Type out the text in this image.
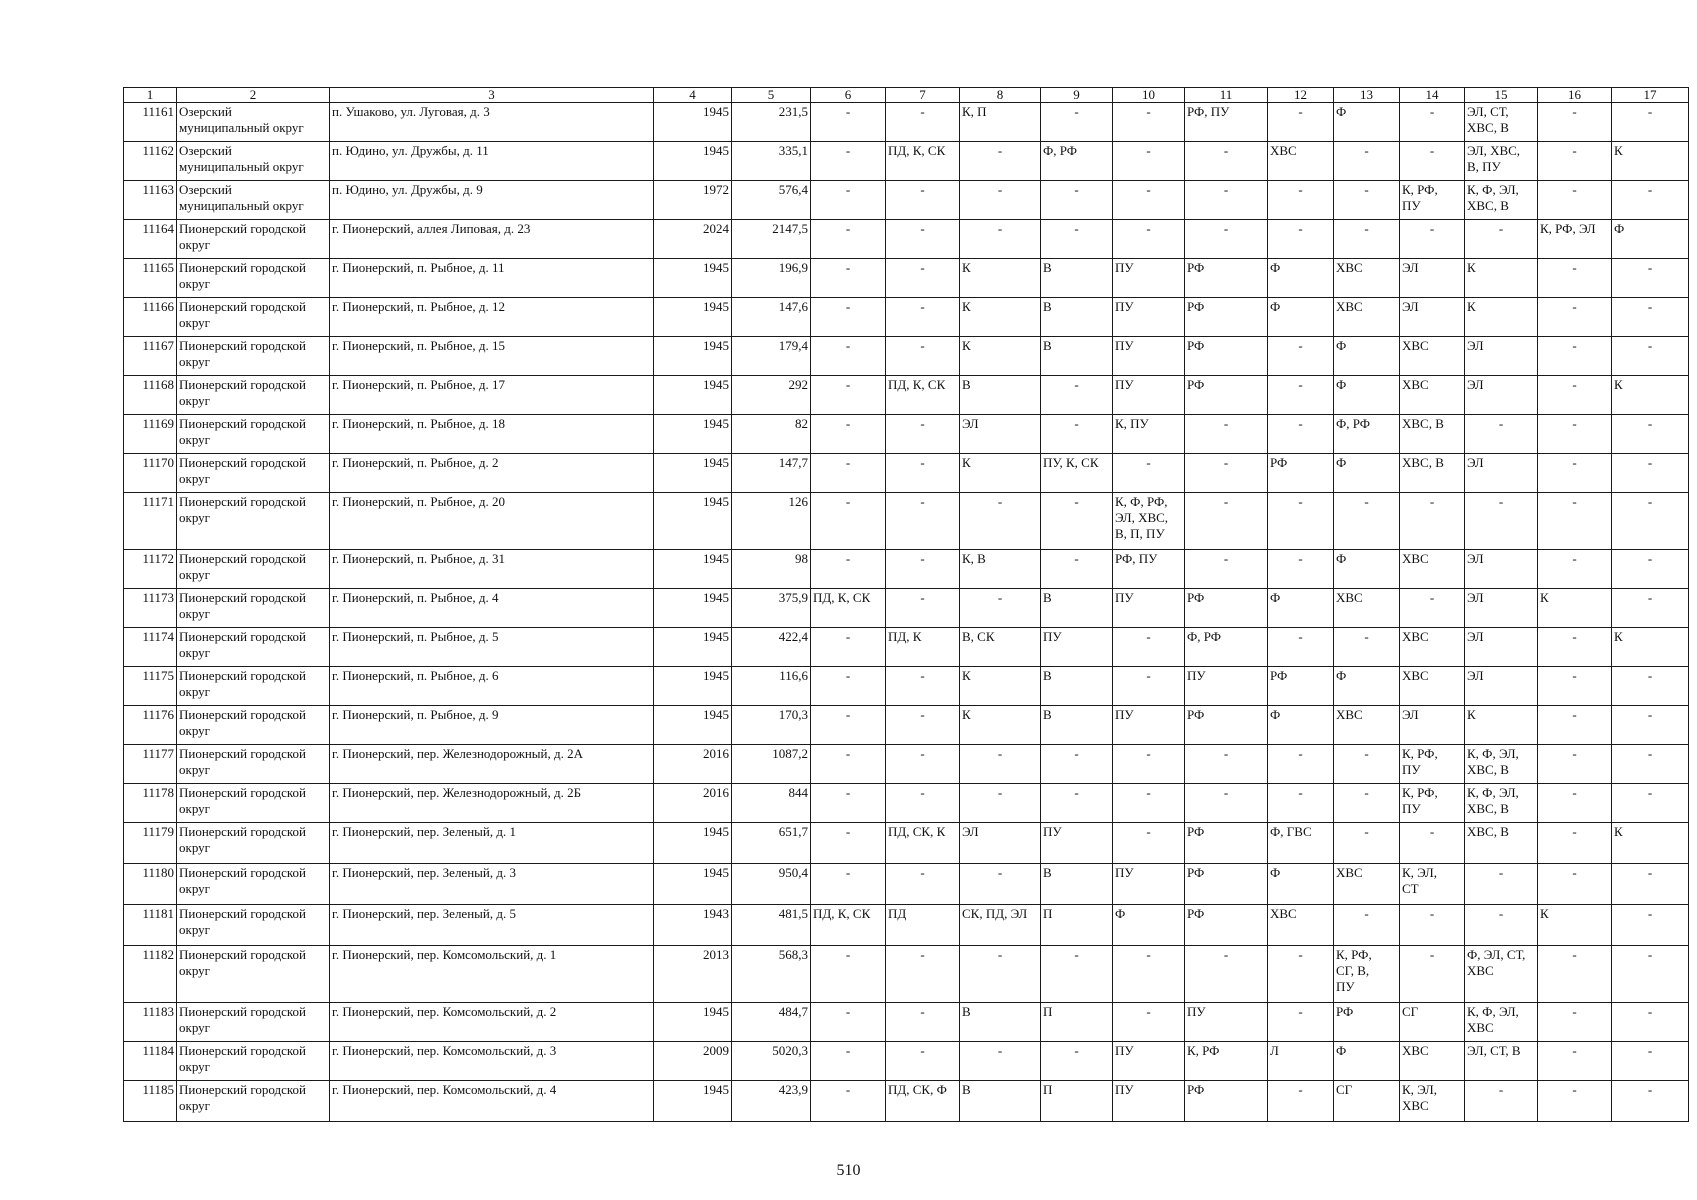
1	2	3	4	5	6	7	8	9	10	11	12	13	14	15	16	17
11161	Озерский
муниципальный округ	п. Ушаково, ул. Луговая, д. 3	1945	231,5	-	-	К, П	-	-	РФ, ПУ	-	Ф	-	ЭЛ, СТ,
ХВС, В	-	-
11162	Озерский
муниципальный округ	п. Юдино, ул. Дружбы, д. 11	1945	335,1	-	ПД, К, СК	-	Ф, РФ	-	-	ХВС	-	-	ЭЛ, ХВС,
В, ПУ	-	К
11163	Озерский
муниципальный округ	п. Юдино, ул. Дружбы, д. 9	1972	576,4	-	-	-	-	-	-	-	-	К, РФ,
ПУ	К, Ф, ЭЛ,
ХВС, В	-	-
11164	Пионерский городской
округ	г. Пионерский, аллея Липовая, д. 23	2024	2147,5	-	-	-	-	-	-	-	-	-	-	К, РФ, ЭЛ	Ф
11165	Пионерский городской
округ	г. Пионерский, п. Рыбное, д. 11	1945	196,9	-	-	К	В	ПУ	РФ	Ф	ХВС	ЭЛ	К	-	-
11166	Пионерский городской
округ	г. Пионерский, п. Рыбное, д. 12	1945	147,6	-	-	К	В	ПУ	РФ	Ф	ХВС	ЭЛ	К	-	-
11167	Пионерский городской
округ	г. Пионерский, п. Рыбное, д. 15	1945	179,4	-	-	К	В	ПУ	РФ	-	Ф	ХВС	ЭЛ	-	-
11168	Пионерский городской
округ	г. Пионерский, п. Рыбное, д. 17	1945	292	-	ПД, К, СК	В	-	ПУ	РФ	-	Ф	ХВС	ЭЛ	-	К
11169	Пионерский городской
округ	г. Пионерский, п. Рыбное, д. 18	1945	82	-	-	ЭЛ	-	К, ПУ	-	-	Ф, РФ	ХВС, В	-	-	-
11170	Пионерский городской
округ	г. Пионерский, п. Рыбное, д. 2	1945	147,7	-	-	К	ПУ, К, СК	-	-	РФ	Ф	ХВС, В	ЭЛ	-	-
11171	Пионерский городской
округ	г. Пионерский, п. Рыбное, д. 20	1945	126	-	-	-	-	К, Ф, РФ,
ЭЛ, ХВС,
В, П, ПУ	-	-	-	-	-	-	-
11172	Пионерский городской
округ	г. Пионерский, п. Рыбное, д. 31	1945	98	-	-	К, В	-	РФ, ПУ	-	-	Ф	ХВС	ЭЛ	-	-
11173	Пионерский городской
округ	г. Пионерский, п. Рыбное, д. 4	1945	375,9	ПД, К, СК	-	-	В	ПУ	РФ	Ф	ХВС	-	ЭЛ	К	-
11174	Пионерский городской
округ	г. Пионерский, п. Рыбное, д. 5	1945	422,4	-	ПД, К	В, СК	ПУ	-	Ф, РФ	-	-	ХВС	ЭЛ	-	К
11175	Пионерский городской
округ	г. Пионерский, п. Рыбное, д. 6	1945	116,6	-	-	К	В	-	ПУ	РФ	Ф	ХВС	ЭЛ	-	-
11176	Пионерский городской
округ	г. Пионерский, п. Рыбное, д. 9	1945	170,3	-	-	К	В	ПУ	РФ	Ф	ХВС	ЭЛ	К	-	-
11177	Пионерский городской
округ	г. Пионерский, пер. Железнодорожный, д. 2А	2016	1087,2	-	-	-	-	-	-	-	-	К, РФ,
ПУ	К, Ф, ЭЛ,
ХВС, В	-	-
11178	Пионерский городской
округ	г. Пионерский, пер. Железнодорожный, д. 2Б	2016	844	-	-	-	-	-	-	-	-	К, РФ,
ПУ	К, Ф, ЭЛ,
ХВС, В	-	-
11179	Пионерский городской
округ	г. Пионерский, пер. Зеленый, д. 1	1945	651,7	-	ПД, СК, К	ЭЛ	ПУ	-	РФ	Ф, ГВС	-	-	ХВС, В	-	К
11180	Пионерский городской
округ	г. Пионерский, пер. Зеленый, д. 3	1945	950,4	-	-	-	В	ПУ	РФ	Ф	ХВС	К, ЭЛ,
СТ	-	-	-
11181	Пионерский городской
округ	г. Пионерский, пер. Зеленый, д. 5	1943	481,5	ПД, К, СК	ПД	СК, ПД, ЭЛ	П	Ф	РФ	ХВС	-	-	-	К	-
11182	Пионерский городской
округ	г. Пионерский, пер. Комсомольский, д. 1	2013	568,3	-	-	-	-	-	-	-	К, РФ,
СГ, В,
ПУ	-	Ф, ЭЛ, СТ,
ХВС	-	-
11183	Пионерский городской
округ	г. Пионерский, пер. Комсомольский, д. 2	1945	484,7	-	-	В	П	-	ПУ	-	РФ	СГ	К, Ф, ЭЛ,
ХВС	-	-
11184	Пионерский городской
округ	г. Пионерский, пер. Комсомольский, д. 3	2009	5020,3	-	-	-	-	ПУ	К, РФ	Л	Ф	ХВС	ЭЛ, СТ, В	-	-
11185	Пионерский городской
округ	г. Пионерский, пер. Комсомольский, д. 4	1945	423,9	-	ПД, СК, Ф	В	П	ПУ	РФ	-	СГ	К, ЭЛ,
ХВС	-	-	-
510
